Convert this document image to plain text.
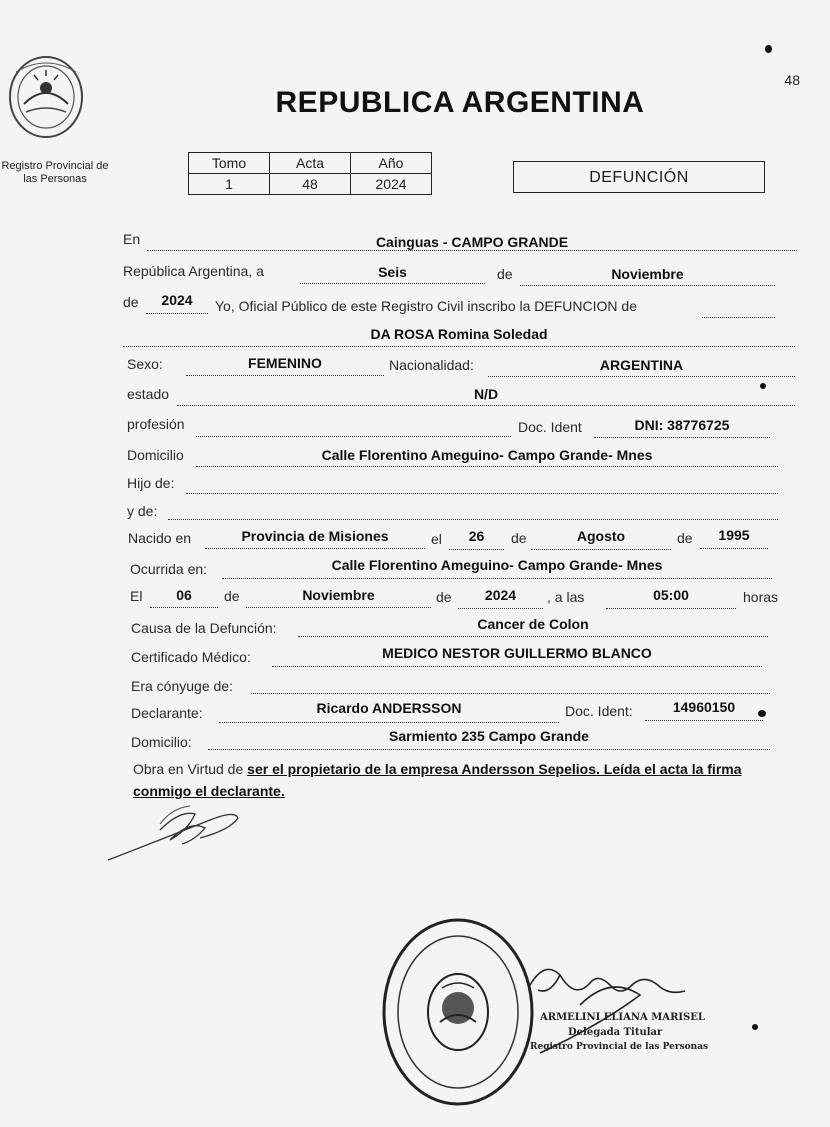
48
Registro Provincial de las Personas
REPUBLICA ARGENTINA
Tomo	Acta	Año
1	48	2024	DEFUNCIÓN
En	Cainguas - CAMPO GRANDE
República Argentina, a	Seis	de	Noviembre
de	2024	Yo, Oficial Público de este Registro Civil inscribo la DEFUNCION de
DA ROSA Romina Soledad
Sexo:	FEMENINO	Nacionalidad:	ARGENTINA
estado	N/D
profesión	Doc. Ident	DNI: 38776725
Domicilio	Calle Florentino Ameguino- Campo Grande- Mnes
Hijo de:
y de:
Nacido en	Provincia de Misiones	el	26	de	Agosto	de	1995
Ocurrida en:	Calle Florentino Ameguino- Campo Grande- Mnes
El	06	de	Noviembre	de	2024	, a las	05:00	horas
Causa de la Defunción:	Cancer de Colon
Certificado Médico:	MEDICO NESTOR GUILLERMO BLANCO
Era cónyuge de:
Declarante:	Ricardo ANDERSSON	Doc. Ident:	14960150
Domicilio:	Sarmiento 235 Campo Grande
Obra en Virtud de ser el propietario de la empresa Andersson Sepelios. Leída el acta la firma conmigo el declarante.
ARMELINI ELIANA MARISEL
Delegada Titular
Registro Provincial de las Personas
